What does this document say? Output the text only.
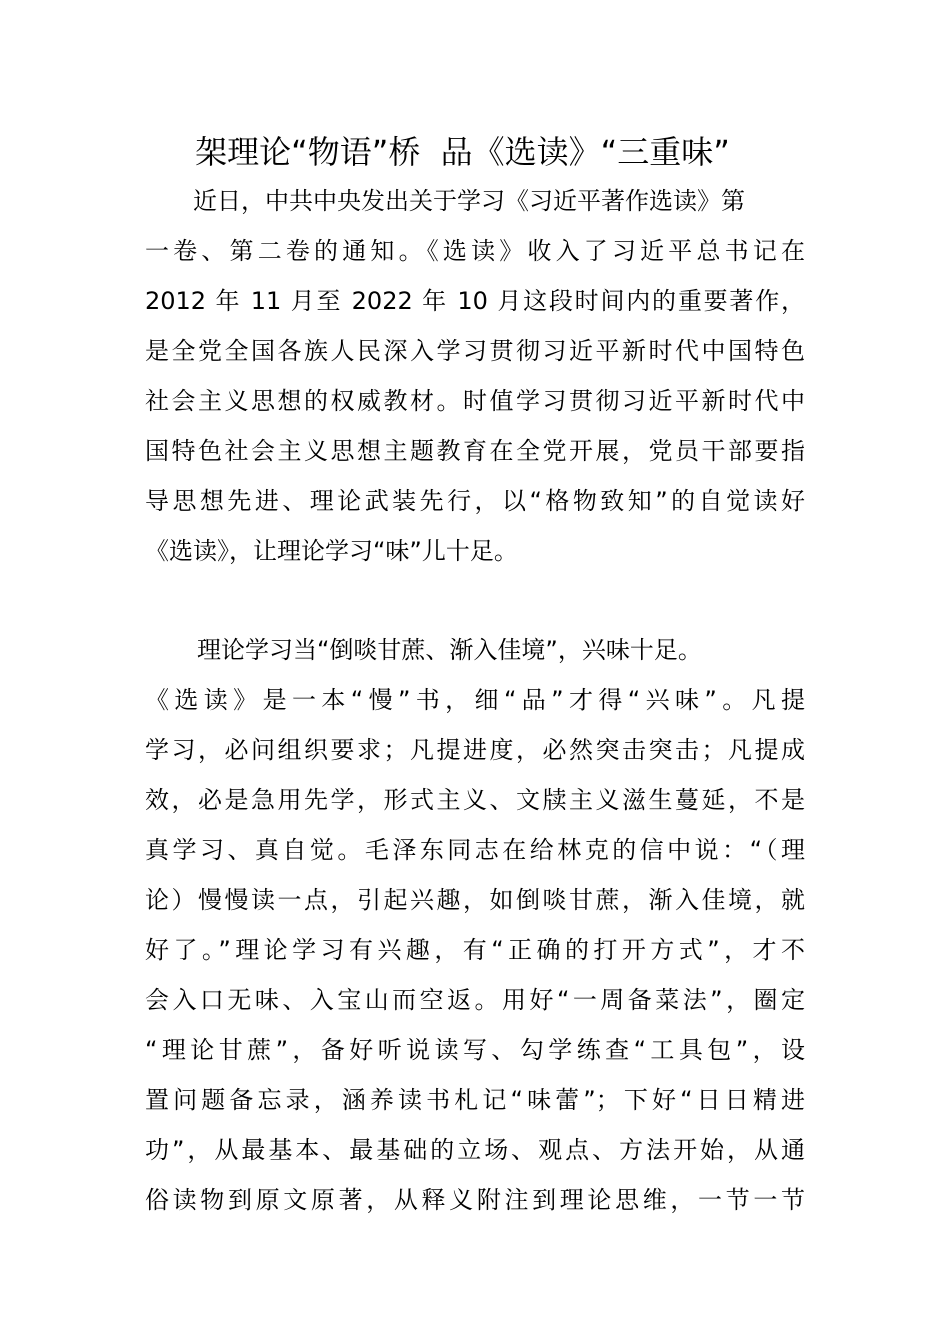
架理论“物语”桥  品《选读》“三重味”

近日，中共中央发出关于学习《习近平著作选读》第

一卷、第二卷的通知。《选读》收入了习近平总书记在

2012 年 11 月至 2022 年 10 月这段时间内的重要著作，

是全党全国各族人民深入学习贯彻习近平新时代中国特色

社会主义思想的权威教材。时值学习贯彻习近平新时代中

国特色社会主义思想主题教育在全党开展，党员干部要指

导思想先进、理论武装先行，以“格物致知”的自觉读好

《选读》，让理论学习“味”儿十足。

理论学习当“倒啖甘蔗、渐入佳境”，兴味十足。

《选读》是一本“慢”书，细“品”才得“兴味”。凡提

学习，必问组织要求；凡提进度，必然突击突击；凡提成

效，必是急用先学，形式主义、文牍主义滋生蔓延，不是

真学习、真自觉。毛泽东同志在给林克的信中说：“（理

论）慢慢读一点，引起兴趣，如倒啖甘蔗，渐入佳境，就

好了。”理论学习有兴趣，有“正确的打开方式”，才不

会入口无味、入宝山而空返。用好“一周备菜法”，圈定

“理论甘蔗”，备好听说读写、勾学练查“工具包”，设

置问题备忘录，涵养读书札记“味蕾”；下好“日日精进

功”，从最基本、最基础的立场、观点、方法开始，从通

俗读物到原文原著，从释义附注到理论思维，一节一节
